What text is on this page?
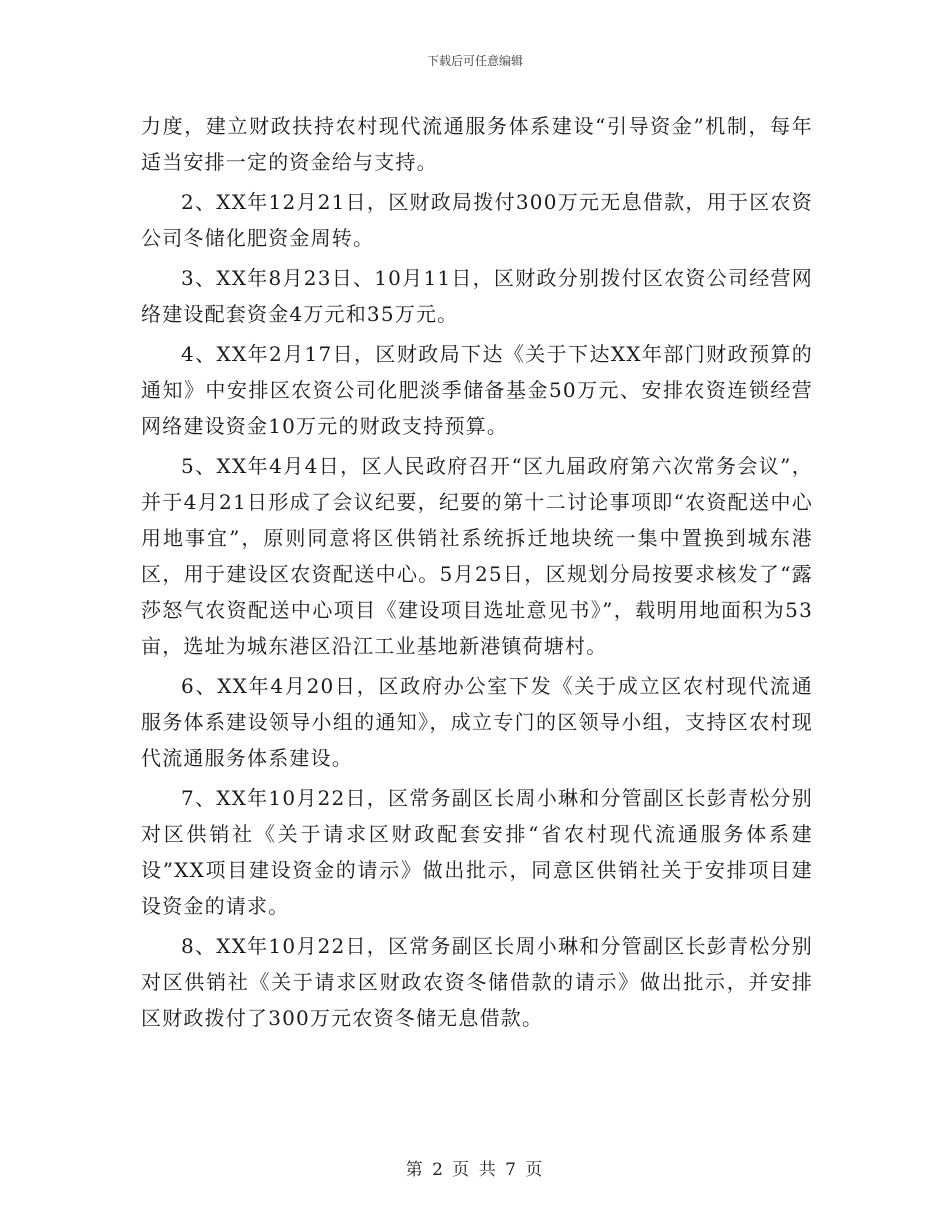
下载后可任意编辑

力度，建立财政扶持农村现代流通服务体系建设“引导资金”机制，每年适当安排一定的资金给与支持。

2、XX年12月21日，区财政局拨付300万元无息借款，用于区农资公司冬储化肥资金周转。

3、XX年8月23日、10月11日，区财政分别拨付区农资公司经营网络建设配套资金4万元和35万元。

4、XX年2月17日，区财政局下达《关于下达XX年部门财政预算的通知》中安排区农资公司化肥淡季储备基金50万元、安排农资连锁经营网络建设资金10万元的财政支持预算。

5、XX年4月4日，区人民政府召开“区九届政府第六次常务会议”，并于4月21日形成了会议纪要，纪要的第十二讨论事项即“农资配送中心用地事宜”，原则同意将区供销社系统拆迁地块统一集中置换到城东港区，用于建设区农资配送中心。5月25日，区规划分局按要求核发了“露莎怒气农资配送中心项目《建设项目选址意见书》”，载明用地面积为53亩，选址为城东港区沿江工业基地新港镇荷塘村。

6、XX年4月20日，区政府办公室下发《关于成立区农村现代流通服务体系建设领导小组的通知》，成立专门的区领导小组，支持区农村现代流通服务体系建设。

7、XX年10月22日，区常务副区长周小琳和分管副区长彭青松分别对区供销社《关于请求区财政配套安排“省农村现代流通服务体系建设”XX项目建设资金的请示》做出批示，同意区供销社关于安排项目建设资金的请求。

8、XX年10月22日，区常务副区长周小琳和分管副区长彭青松分别对区供销社《关于请求区财政农资冬储借款的请示》做出批示，并安排区财政拨付了300万元农资冬储无息借款。

第 2 页 共 7 页
